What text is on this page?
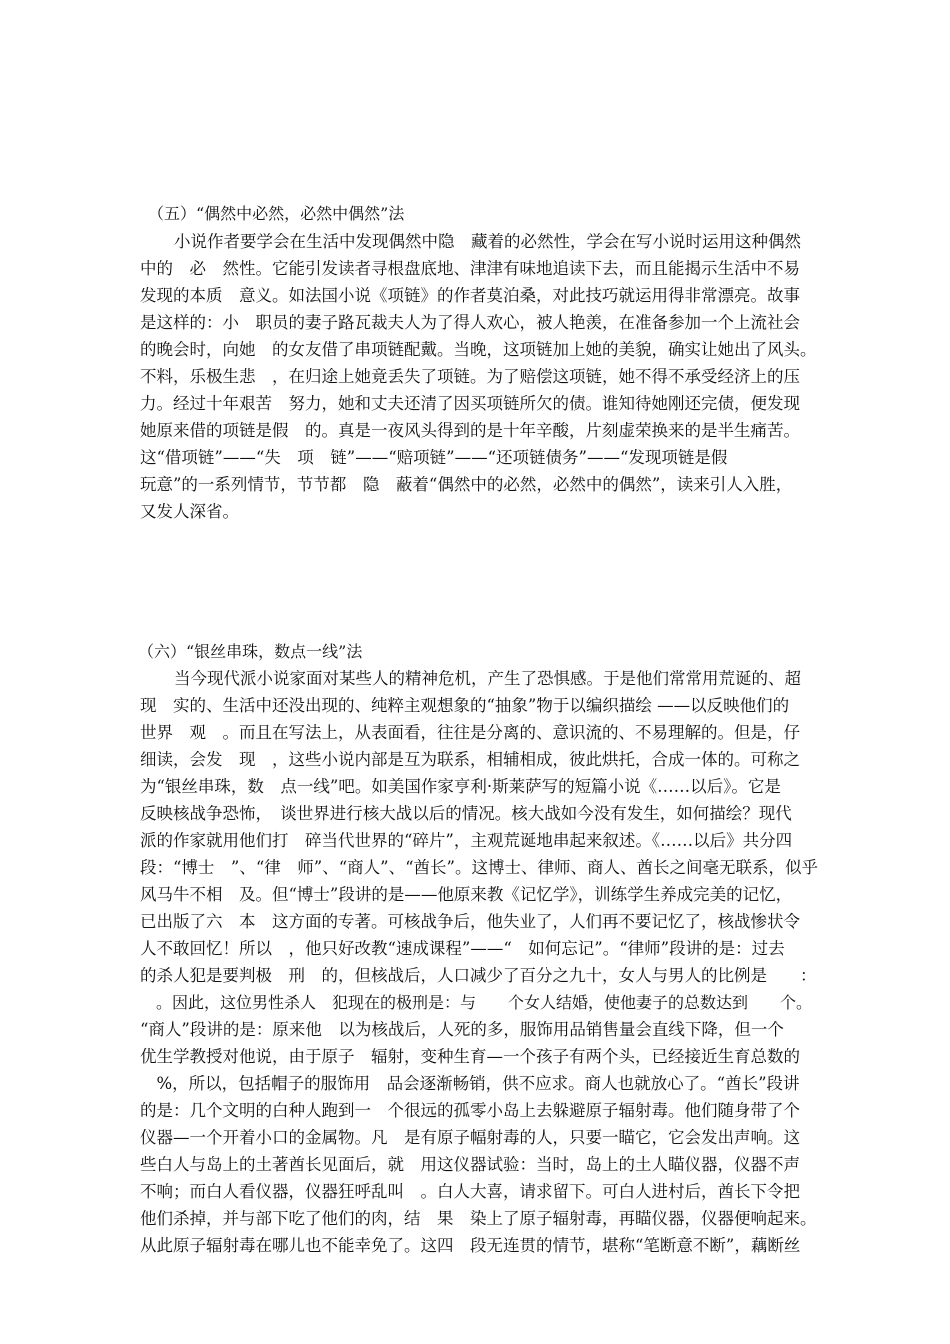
（五）“偶然中必然，必然中偶然”法
小说作者要学会在生活中发现偶然中隐　藏着的必然性，学会在写小说时运用这种偶然
中的　必　然性。它能引发读者寻根盘底地、津津有味地追读下去，而且能揭示生活中不易
发现的本质　意义。如法国小说《项链》的作者莫泊桑，对此技巧就运用得非常漂亮。故事
是这样的：小　职员的妻子路瓦裁夫人为了得人欢心，被人艳羡，在准备参加一个上流社会
的晚会时，向她　的女友借了串项链配戴。当晚，这项链加上她的美貌，确实让她出了风头。
不料，乐极生悲　，在归途上她竟丢失了项链。为了赔偿这项链，她不得不承受经济上的压
力。经过十年艰苦　努力，她和丈夫还清了因买项链所欠的债。谁知待她刚还完债，便发现
她原来借的项链是假　的。真是一夜风头得到的是十年辛酸，片刻虚荣换来的是半生痛苦。
这“借项链”——“失　项　链”——“赔项链”——“还项链债务”——“发现项链是假
玩意”的一系列情节，节节都　隐　蔽着“偶然中的必然，必然中的偶然”，读来引人入胜，
又发人深省。
（六）“银丝串珠，数点一线”法
当今现代派小说家面对某些人的精神危机，产生了恐惧感。于是他们常常用荒诞的、超
现　实的、生活中还没出现的、纯粹主观想象的“抽象”物于以编织描绘 ——以反映他们的
世界　观　。而且在写法上，从表面看，往往是分离的、意识流的、不易理解的。但是，仔
细读，会发　现　，这些小说内部是互为联系，相辅相成，彼此烘托，合成一体的。可称之
为“银丝串珠，数　点一线”吧。如美国作家亨利·斯莱萨写的短篇小说《……以后》。它是
反映核战争恐怖，　谈世界进行核大战以后的情况。核大战如今没有发生，如何描绘？现代
派的作家就用他们打　碎当代世界的“碎片”，主观荒诞地串起来叙述。《……以后》共分四
段：“博士　”、“律　师”、“商人”、“酋长”。这博士、律师、商人、酋长之间毫无联系，似乎
风马牛不相　及。但“博士”段讲的是——他原来教《记忆学》，训练学生养成完美的记忆，
已出版了六　本　这方面的专著。可核战争后，他失业了，人们再不要记忆了，核战惨状令
人不敢回忆！所以　，他只好改教“速成课程”——“　如何忘记”。“律师”段讲的是：过去
的杀人犯是要判极　刑　的，但核战后，人口减少了百分之九十，女人与男人的比例是　　：
　。因此，这位男性杀人　犯现在的极刑是：与　　个女人结婚，使他妻子的总数达到　　个。
“商人”段讲的是：原来他　以为核战后，人死的多，服饰用品销售量会直线下降，但一个
优生学教授对他说，由于原子　辐射，变种生育—一个孩子有两个头，已经接近生育总数的
　%，所以，包括帽子的服饰用　品会逐渐畅销，供不应求。商人也就放心了。“酋长”段讲
的是：几个文明的白种人跑到一　个很远的孤零小岛上去躲避原子辐射毒。他们随身带了个
仪器—一个开着小口的金属物。凡　是有原子幅射毒的人，只要一瞄它，它会发出声响。这
些白人与岛上的土著酋长见面后，就　用这仪器试验：当时，岛上的土人瞄仪器，仪器不声
不响；而白人看仪器，仪器狂呼乱叫　。白人大喜，请求留下。可白人进村后，酋长下令把
他们杀掉，并与部下吃了他们的肉，结　果　染上了原子辐射毒，再瞄仪器，仪器便响起来。
从此原子辐射毒在哪儿也不能幸免了。这四　段无连贯的情节，堪称“笔断意不断”，藕断丝
